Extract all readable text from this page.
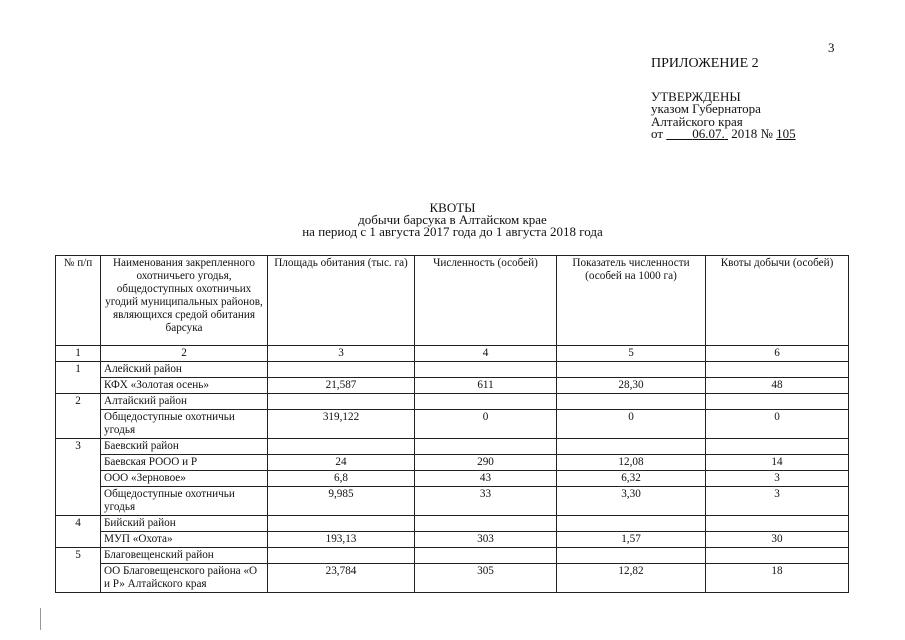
3
ПРИЛОЖЕНИЕ 2
УТВЕРЖДЕНЫ
указом Губернатора
Алтайского края
от 06.07. 2018 № 105
КВОТЫ
добычи барсука в Алтайском крае
на период с 1 августа 2017 года до 1 августа 2018 года
№ п/п	Наименования закрепленного охотничьего угодья, общедоступных охотничьих угодий муниципальных районов, являющихся средой обитания барсука	Площадь обитания (тыс. га)	Численность (особей)	Показатель численности (особей на 1000 га)	Квоты добычи (особей)
1	2	3	4	5	6
1	Алейский район				
	КФХ «Золотая осень»	21,587	611	28,30	48
2	Алтайский район				
	Общедоступные охотничьи угодья	319,122	0	0	0
3	Баевский район				
	Баевская РООО и Р	24	290	12,08	14
	ООО «Зерновое»	6,8	43	6,32	3
	Общедоступные охотничьи угодья	9,985	33	3,30	3
4	Бийский район				
	МУП «Охота»	193,13	303	1,57	30
5	Благовещенский район				
	ОО Благовещенского района «О и Р» Алтайского края	23,784	305	12,82	18
